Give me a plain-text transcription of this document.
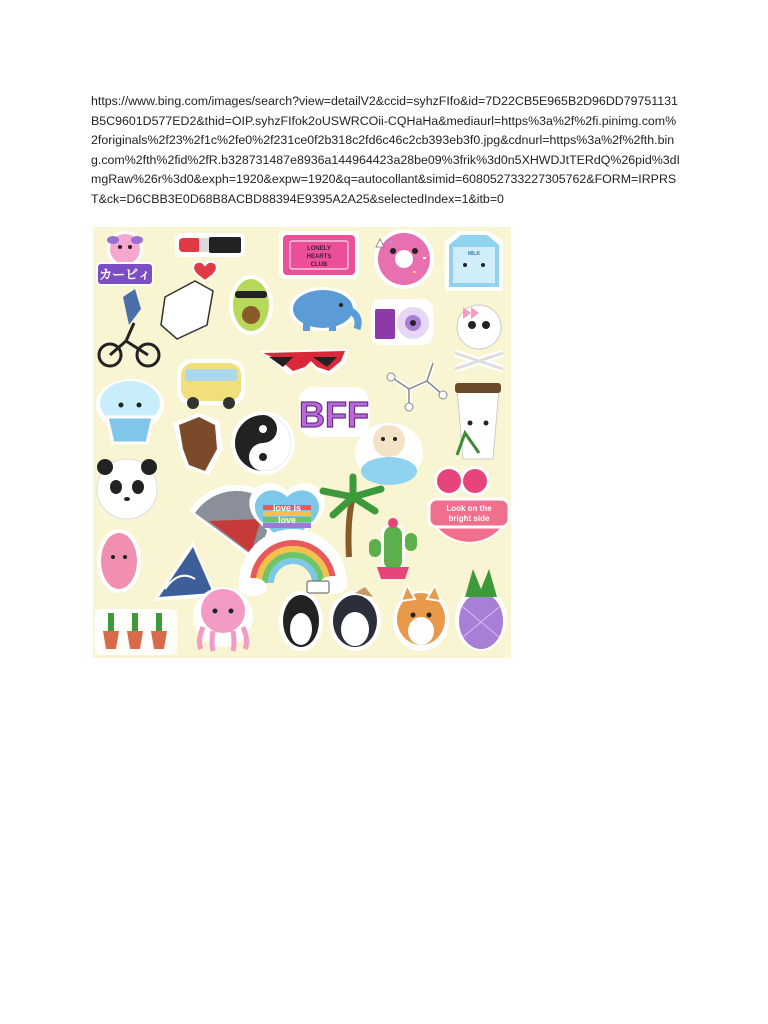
https://www.bing.com/images/search?view=detailV2&ccid=syhzFIfo&id=7D22CB5E965B2D96DD79751131B5C9601D577ED2&thid=OIP.syhzFIfok2oUSWRCOii-CQHaHa&mediaurl=https%3a%2f%2fi.pinimg.com%2foriginals%2f23%2f1c%2fe0%2f231ce0f2b318c2fd6c46c2cb393eb3f0.jpg&cdnurl=https%3a%2f%2fth.bing.com%2fth%2fid%2fR.b328731487e8936a144964423a28be09%3frik%3d0n5XHWDJtTERdQ%26pid%3dImgRaw%26r%3d0&exph=1920&expw=1920&q=autocollant&simid=608052733227305762&FORM=IRPRST&ck=D6CBB3E0D68B8ACBD88394E9395A2A25&selectedIndex=1&itb=0
カービィ
LONELY
HEARTS
CLUB
MILK
BFF
love is
love
Look on the
bright side
